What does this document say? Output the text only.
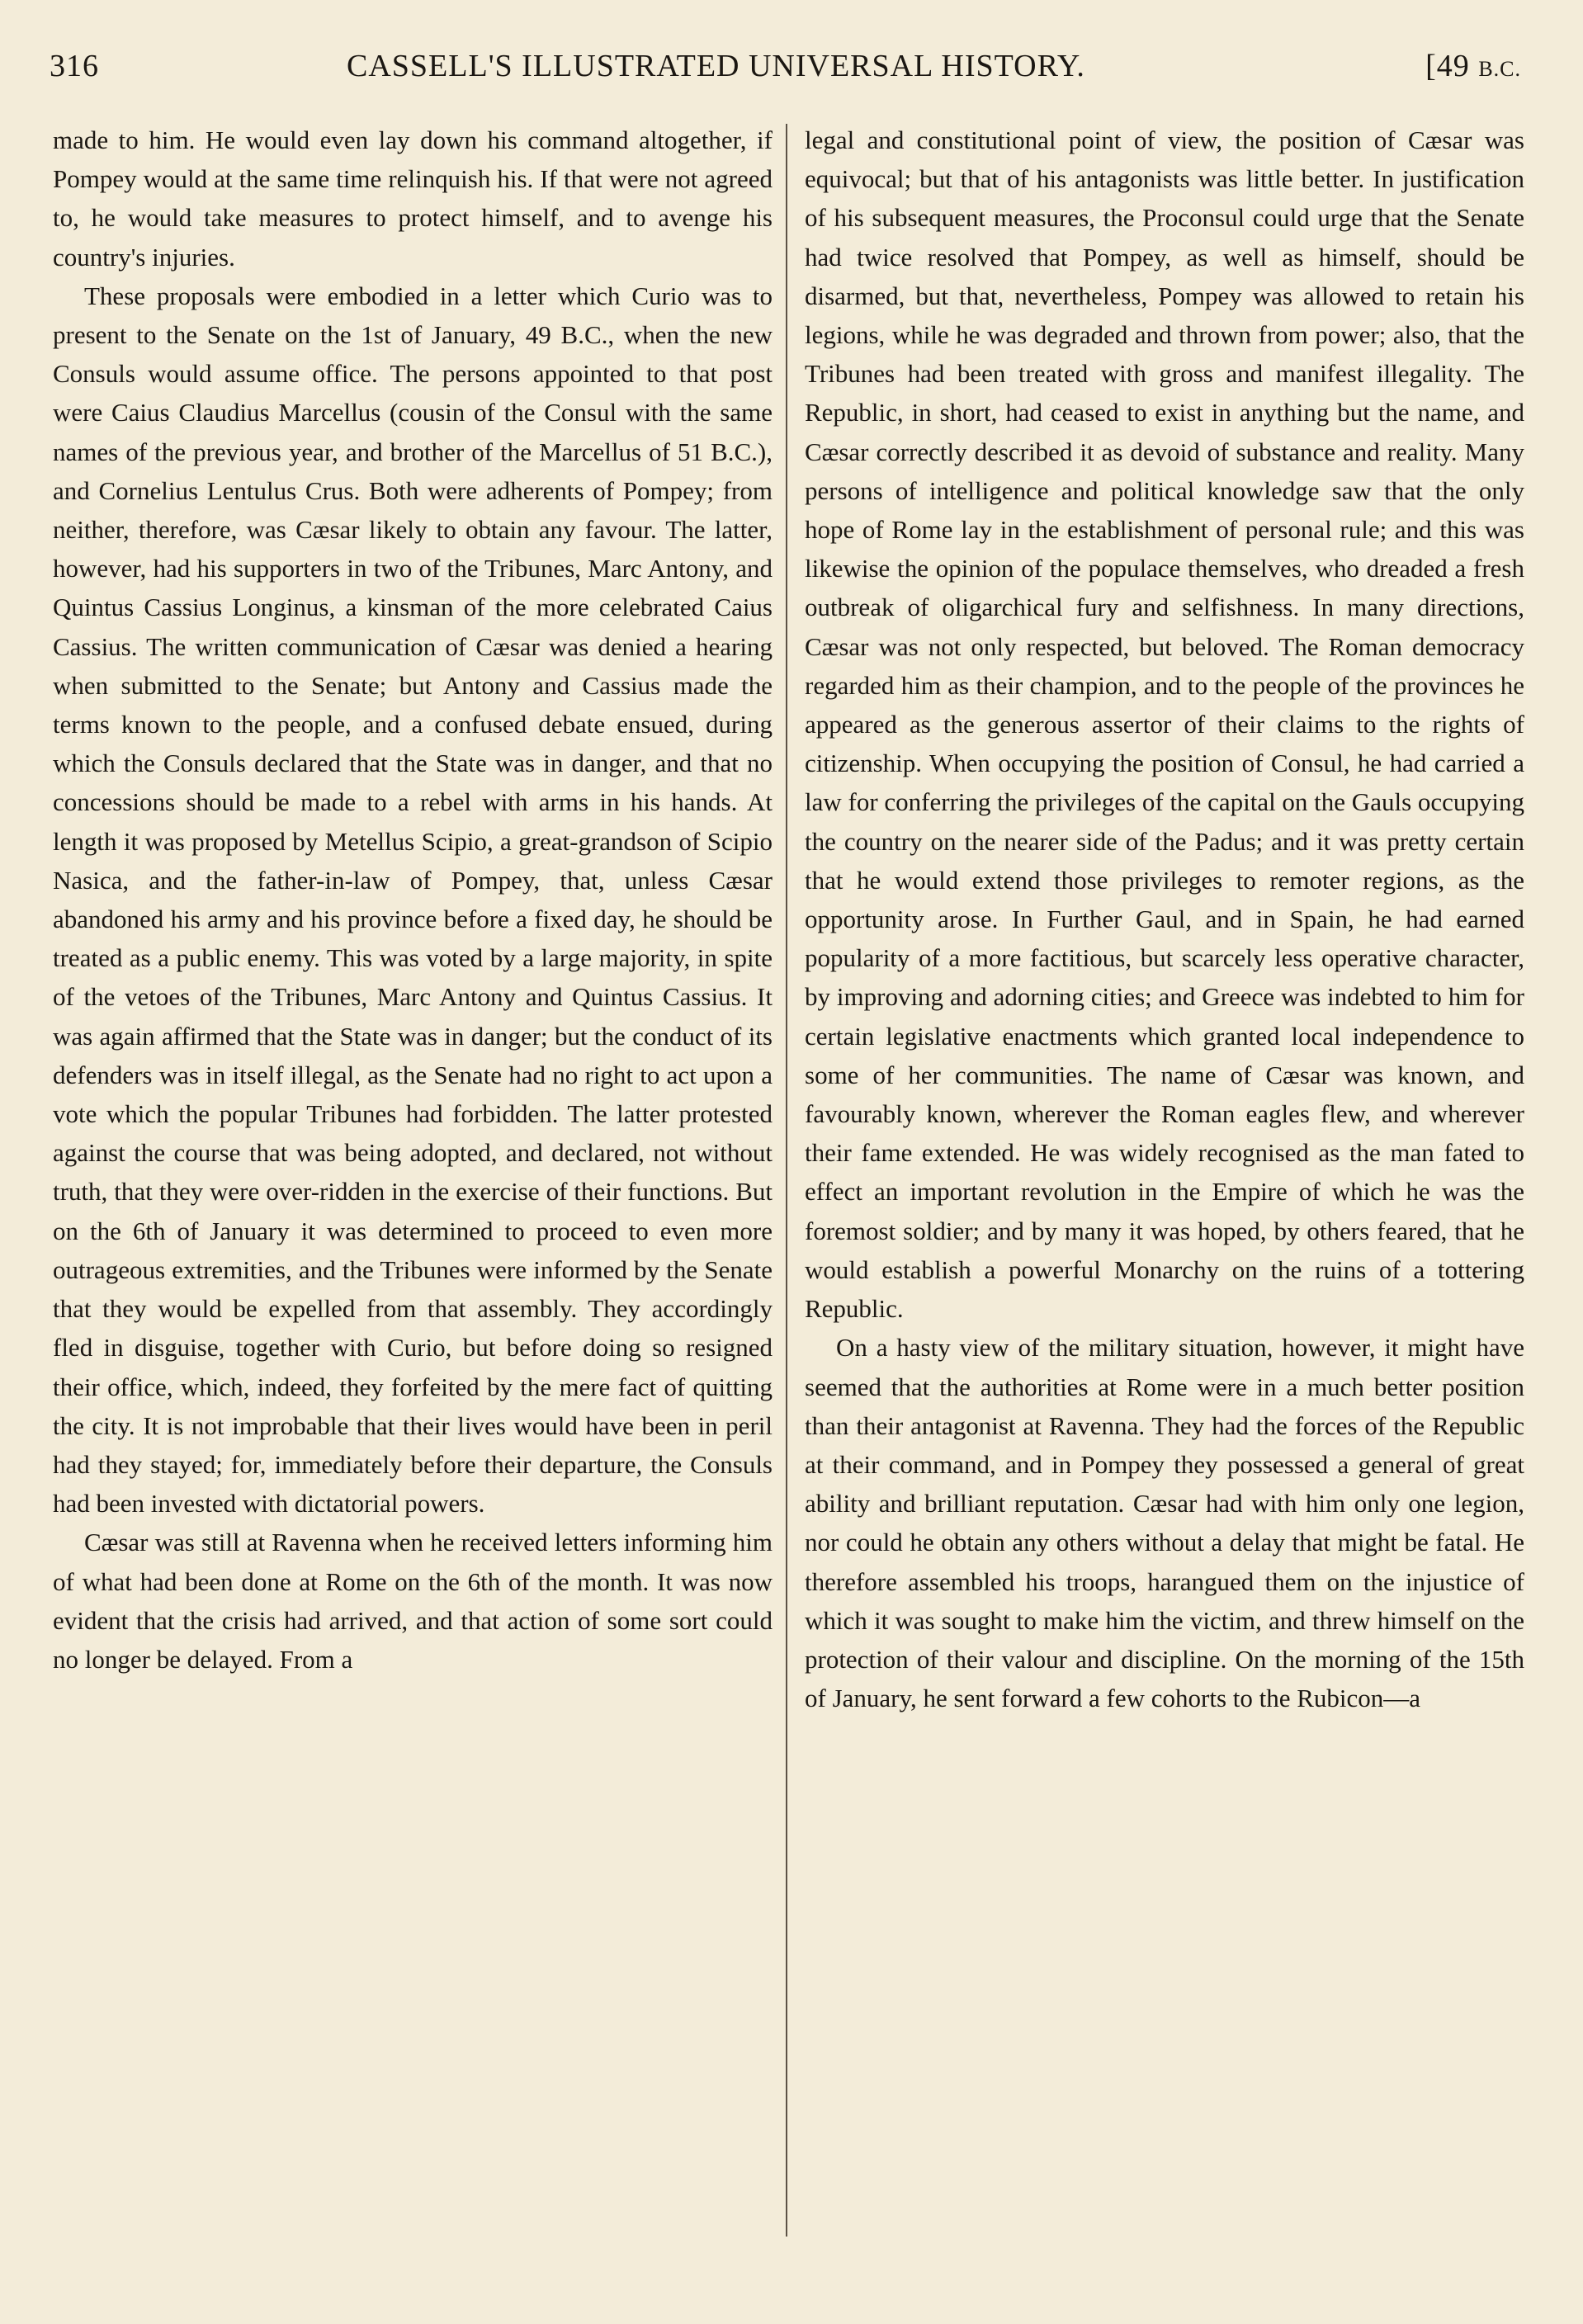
316	CASSELL'S ILLUSTRATED UNIVERSAL HISTORY.	[49 B.C.

made to him. He would even lay down his command altogether, if Pompey would at the same time relinquish his. If that were not agreed to, he would take measures to protect himself, and to avenge his country's injuries.

These proposals were embodied in a letter which Curio was to present to the Senate on the 1st of January, 49 B.C., when the new Consuls would assume office. The persons appointed to that post were Caius Claudius Marcellus (cousin of the Consul with the same names of the previous year, and brother of the Marcellus of 51 B.C.), and Cornelius Lentulus Crus. Both were adherents of Pompey; from neither, therefore, was Cæsar likely to obtain any favour. The latter, however, had his supporters in two of the Tribunes, Marc Antony, and Quintus Cassius Longinus, a kinsman of the more celebrated Caius Cassius. The written communication of Cæsar was denied a hearing when submitted to the Senate; but Antony and Cassius made the terms known to the people, and a confused debate ensued, during which the Consuls declared that the State was in danger, and that no concessions should be made to a rebel with arms in his hands. At length it was proposed by Metellus Scipio, a great-grandson of Scipio Nasica, and the father-in-law of Pompey, that, unless Cæsar abandoned his army and his province before a fixed day, he should be treated as a public enemy. This was voted by a large majority, in spite of the vetoes of the Tribunes, Marc Antony and Quintus Cassius. It was again affirmed that the State was in danger; but the conduct of its defenders was in itself illegal, as the Senate had no right to act upon a vote which the popular Tribunes had forbidden. The latter protested against the course that was being adopted, and declared, not without truth, that they were over-ridden in the exercise of their functions. But on the 6th of January it was determined to proceed to even more outrageous extremities, and the Tribunes were informed by the Senate that they would be expelled from that assembly. They accordingly fled in disguise, together with Curio, but before doing so resigned their office, which, indeed, they forfeited by the mere fact of quitting the city. It is not improbable that their lives would have been in peril had they stayed; for, immediately before their departure, the Consuls had been invested with dictatorial powers.

Cæsar was still at Ravenna when he received letters informing him of what had been done at Rome on the 6th of the month. It was now evident that the crisis had arrived, and that action of some sort could no longer be delayed. From a

legal and constitutional point of view, the position of Cæsar was equivocal; but that of his antagonists was little better. In justification of his subsequent measures, the Proconsul could urge that the Senate had twice resolved that Pompey, as well as himself, should be disarmed, but that, nevertheless, Pompey was allowed to retain his legions, while he was degraded and thrown from power; also, that the Tribunes had been treated with gross and manifest illegality. The Republic, in short, had ceased to exist in anything but the name, and Cæsar correctly described it as devoid of substance and reality. Many persons of intelligence and political knowledge saw that the only hope of Rome lay in the establishment of personal rule; and this was likewise the opinion of the populace themselves, who dreaded a fresh outbreak of oligarchical fury and selfishness. In many directions, Cæsar was not only respected, but beloved. The Roman democracy regarded him as their champion, and to the people of the provinces he appeared as the generous assertor of their claims to the rights of citizenship. When occupying the position of Consul, he had carried a law for conferring the privileges of the capital on the Gauls occupying the country on the nearer side of the Padus; and it was pretty certain that he would extend those privileges to remoter regions, as the opportunity arose. In Further Gaul, and in Spain, he had earned popularity of a more factitious, but scarcely less operative character, by improving and adorning cities; and Greece was indebted to him for certain legislative enactments which granted local independence to some of her communities. The name of Cæsar was known, and favourably known, wherever the Roman eagles flew, and wherever their fame extended. He was widely recognised as the man fated to effect an important revolution in the Empire of which he was the foremost soldier; and by many it was hoped, by others feared, that he would establish a powerful Monarchy on the ruins of a tottering Republic.

On a hasty view of the military situation, however, it might have seemed that the authorities at Rome were in a much better position than their antagonist at Ravenna. They had the forces of the Republic at their command, and in Pompey they possessed a general of great ability and brilliant reputation. Cæsar had with him only one legion, nor could he obtain any others without a delay that might be fatal. He therefore assembled his troops, harangued them on the injustice of which it was sought to make him the victim, and threw himself on the protection of their valour and discipline. On the morning of the 15th of January, he sent forward a few cohorts to the Rubicon—a
